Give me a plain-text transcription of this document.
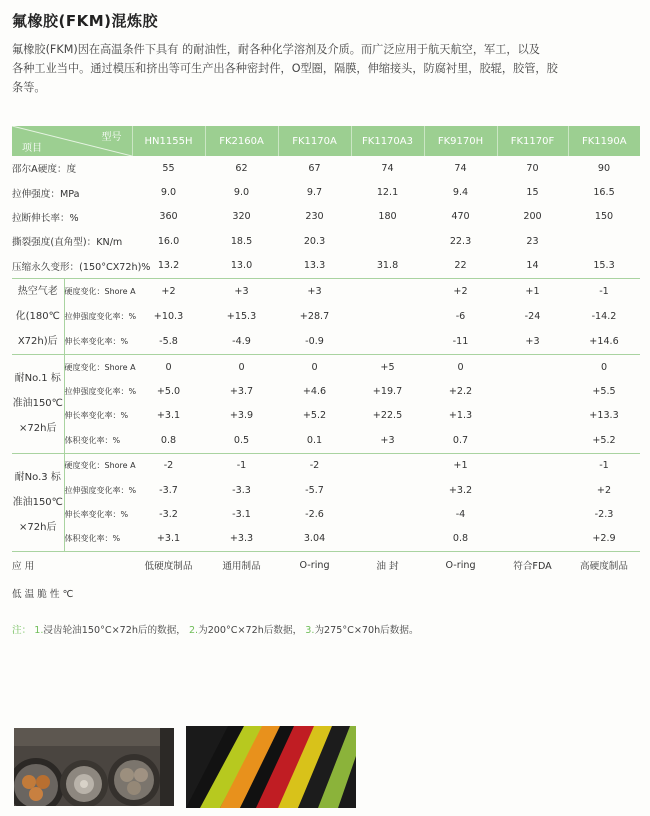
氟橡胶(FKM)混炼胶

氟橡胶(FKM)因在高温条件下具有 的耐油性，耐各种化学溶剂及介质。而广泛应用于航天航空，军工，以及

各种工业当中。通过模压和挤出等可生产出各种密封件，O型圈，隔膜，伸缩接头，防腐衬里，胶辊，胶管，胶

条等。

型号
项目		HN1155H	FK2160A	FK1170A	FK1170A3	FK9170H	FK1170F	FK1190A
邵尔A硬度：度		55	62	67	74	74	70	90
拉伸强度：MPa		9.0	9.0	9.7	12.1	9.4	15	16.5
拉断伸长率：%		360	320	230	180	470	200	150
撕裂强度(直角型)：KN/m		16.0	18.5	20.3		22.3	23	
压缩永久变形：(150°CX72h)%		13.2	13.0	13.3	31.8	22	14	15.3

热空气老
化(180℃
X72h)后	硬度变化：Shore A	+2	+3	+3		+2	+1	-1
	拉伸强度变化率：%	+10.3	+15.3	+28.7		-6	-24	-14.2
	伸长率变化率：%	-5.8	-4.9	-0.9		-11	+3	+14.6

耐No.1 标
准油150℃
×72h后	硬度变化：Shore A	0	0	0	+5	0		0
	拉伸强度变化率：%	+5.0	+3.7	+4.6	+19.7	+2.2		+5.5
	伸长率变化率：%	+3.1	+3.9	+5.2	+22.5	+1.3		+13.3
	体积变化率：%	0.8	0.5	0.1	+3	0.7		+5.2

耐No.3 标
准油150℃
×72h后	硬度变化：Shore A	-2	-1	-2		+1		-1
	拉伸强度变化率：%	-3.7	-3.3	-5.7		+3.2		+2
	伸长率变化率：%	-3.2	-3.1	-2.6		-4		-2.3
	体积变化率：%	+3.1	+3.3	3.04		0.8		+2.9
应 用		低硬度制品	通用制品	O-ring	油 封	O-ring	符合FDA	高硬度制品
低 温 脆 性 ℃								
注： 1.浸齿轮油150°C×72h后的数据， 2.为200°C×72h后数据， 3.为275°C×70h后数据。
